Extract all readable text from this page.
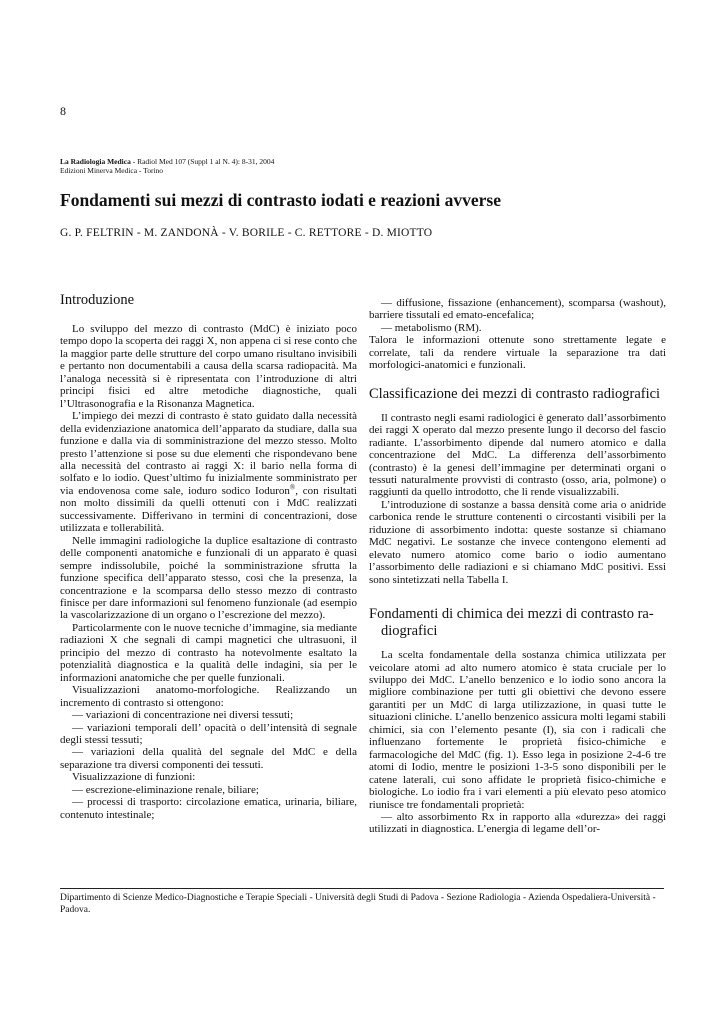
8
La Radiologia Medica - Radiol Med 107 (Suppl 1 al N. 4): 8-31, 2004
Edizioni Minerva Medica - Torino
Fondamenti sui mezzi di contrasto iodati e reazioni avverse
G. P. FELTRIN - M. ZANDONÀ - V. BORILE - C. RETTORE - D. MIOTTO
Introduzione

Lo sviluppo del mezzo di contrasto (MdC) è iniziato poco tempo dopo la scoperta dei raggi X, non appena ci si rese conto che la maggior parte delle strutture del corpo umano risultano invisibili e pertanto non documentabili a causa della scarsa radiopacità. Ma l’analoga necessità si è ripresentata con l’introduzione di altri principi fisici ed altre metodiche diagnostiche, quali l’Ultrasonografia e la Risonanza Magnetica.

L’impiego dei mezzi di contrasto è stato guidato dalla necessità della evidenziazione anatomica dell’apparato da studiare, dalla sua funzione e dalla via di somministrazione del mezzo stesso. Molto presto l’attenzione si pose su due elementi che rispondevano bene alla necessità del contrasto ai raggi X: il bario nella forma di solfato e lo iodio. Quest’ultimo fu inizialmente somministrato per via endovenosa come sale, ioduro sodico Ioduron®, con risultati non molto dissimili da quelli ottenuti con i MdC realizzati successivamente. Differivano in termini di concentrazioni, dose utilizzata e tollerabilità.

Nelle immagini radiologiche la duplice esaltazione di contrasto delle componenti anatomiche e funzionali di un apparato è quasi sempre indissolubile, poiché la somministrazione sfrutta la funzione specifica dell’apparato stesso, così che la presenza, la concentrazione e la scomparsa dello stesso mezzo di contrasto finisce per dare informazioni sul fenomeno funzionale (ad esempio la vascolarizzazione di un organo o l’escrezione del mezzo).

Particolarmente con le nuove tecniche d’immagine, sia mediante radiazioni X che segnali di campi magnetici che ultrasuoni, il principio del mezzo di contrasto ha notevolmente esaltato la potenzialità diagnostica e la qualità delle indagini, sia per le informazioni anatomiche che per quelle funzionali.

Visualizzazioni anatomo-morfologiche. Realizzando un incremento di contrasto si ottengono:

— variazioni di concentrazione nei diversi tessuti;

— variazioni temporali dell’ opacità o dell’intensità di segnale degli stessi tessuti;

— variazioni della qualità del segnale del MdC e della separazione tra diversi componenti dei tessuti.

Visualizzazione di funzioni:

— escrezione-eliminazione renale, biliare;

— processi di trasporto: circolazione ematica, urinaria, biliare, contenuto intestinale;

— diffusione, fissazione (enhancement), scomparsa (washout), barriere tissutali ed emato-encefalica;

— metabolismo (RM).

Talora le informazioni ottenute sono strettamente legate e correlate, tali da rendere virtuale la separazione tra dati morfologici-anatomici e funzionali.

Classificazione dei mezzi di contrasto radiografici

Il contrasto negli esami radiologici è generato dall’assorbimento dei raggi X operato dal mezzo presente lungo il decorso del fascio radiante. L’assorbimento dipende dal numero atomico e dalla concentrazione del MdC. La differenza dell’assorbimento (contrasto) è la genesi dell’immagine per determinati organi o tessuti naturalmente provvisti di contrasto (osso, aria, polmone) o raggiunti da quello introdotto, che li rende visualizzabili.

L’introduzione di sostanze a bassa densità come aria o anidride carbonica rende le strutture contenenti o circostanti visibili per la riduzione di assorbimento indotta: queste sostanze si chiamano MdC negativi. Le sostanze che invece contengono elementi ad elevato numero atomico come bario o iodio aumentano l’assorbimento delle radiazioni e si chiamano MdC positivi. Essi sono sintetizzati nella Tabella I.

Fondamenti di chimica dei mezzi di contrasto ra-
diografici

La scelta fondamentale della sostanza chimica utilizzata per veicolare atomi ad alto numero atomico è stata cruciale per lo sviluppo dei MdC. L’anello benzenico e lo iodio sono ancora la migliore combinazione per tutti gli obiettivi che devono essere garantiti per un MdC di larga utilizzazione, in quasi tutte le situazioni cliniche. L’anello benzenico assicura molti legami stabili chimici, sia con l’elemento pesante (I), sia con i radicali che influenzano fortemente le proprietà fisico-chimiche e farmacologiche del MdC (fig. 1). Esso lega in posizione 2-4-6 tre atomi di Iodio, mentre le posizioni 1-3-5 sono disponibili per le catene laterali, cui sono affidate le proprietà fisico-chimiche e biologiche. Lo iodio fra i vari elementi a più elevato peso atomico riunisce tre fondamentali proprietà:

— alto assorbimento Rx in rapporto alla «durezza» dei raggi utilizzati in diagnostica. L’energia di legame dell’or-

Dipartimento di Scienze Medico-Diagnostiche e Terapie Speciali - Università degli Studi di Padova - Sezione Radiologia - Azienda Ospedaliera-Università - Padova.
